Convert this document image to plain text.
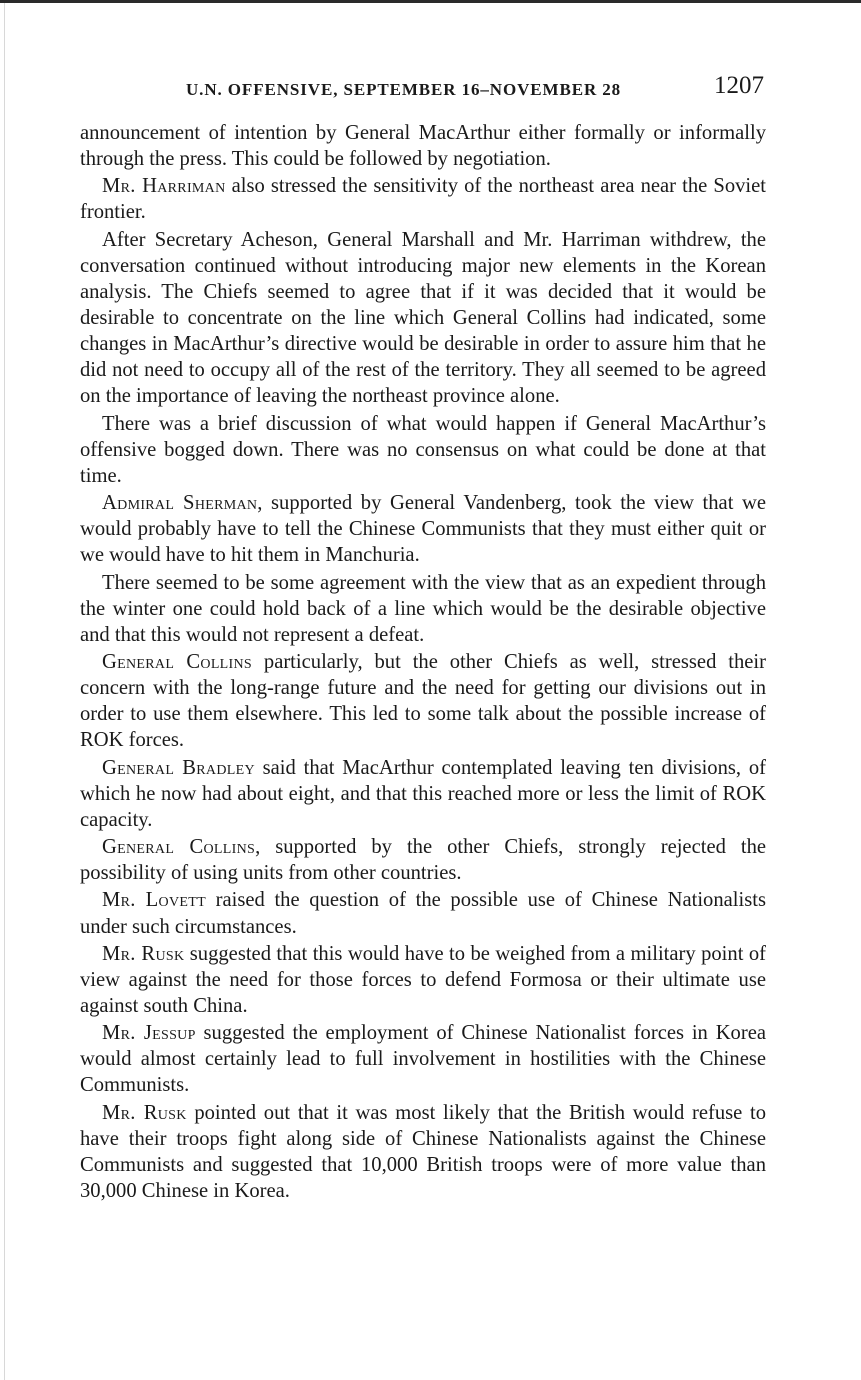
U.N. OFFENSIVE, SEPTEMBER 16–NOVEMBER 28	1207

announcement of intention by General MacArthur either formally or informally through the press. This could be followed by negotiation.

Mr. Harriman also stressed the sensitivity of the northeast area near the Soviet frontier.

After Secretary Acheson, General Marshall and Mr. Harriman withdrew, the conversation continued without introducing major new elements in the Korean analysis. The Chiefs seemed to agree that if it was decided that it would be desirable to concentrate on the line which General Collins had indicated, some changes in MacArthur’s directive would be desirable in order to assure him that he did not need to occupy all of the rest of the territory. They all seemed to be agreed on the importance of leaving the northeast province alone.

There was a brief discussion of what would happen if General MacArthur’s offensive bogged down. There was no consensus on what could be done at that time.

Admiral Sherman, supported by General Vandenberg, took the view that we would probably have to tell the Chinese Communists that they must either quit or we would have to hit them in Manchuria.

There seemed to be some agreement with the view that as an expedient through the winter one could hold back of a line which would be the desirable objective and that this would not represent a defeat.

General Collins particularly, but the other Chiefs as well, stressed their concern with the long-range future and the need for getting our divisions out in order to use them elsewhere. This led to some talk about the possible increase of ROK forces.

General Bradley said that MacArthur contemplated leaving ten divisions, of which he now had about eight, and that this reached more or less the limit of ROK capacity.

General Collins, supported by the other Chiefs, strongly rejected the possibility of using units from other countries.

Mr. Lovett raised the question of the possible use of Chinese Nationalists under such circumstances.

Mr. Rusk suggested that this would have to be weighed from a military point of view against the need for those forces to defend Formosa or their ultimate use against south China.

Mr. Jessup suggested the employment of Chinese Nationalist forces in Korea would almost certainly lead to full involvement in hostilities with the Chinese Communists.

Mr. Rusk pointed out that it was most likely that the British would refuse to have their troops fight along side of Chinese Nationalists against the Chinese Communists and suggested that 10,000 British troops were of more value than 30,000 Chinese in Korea.
